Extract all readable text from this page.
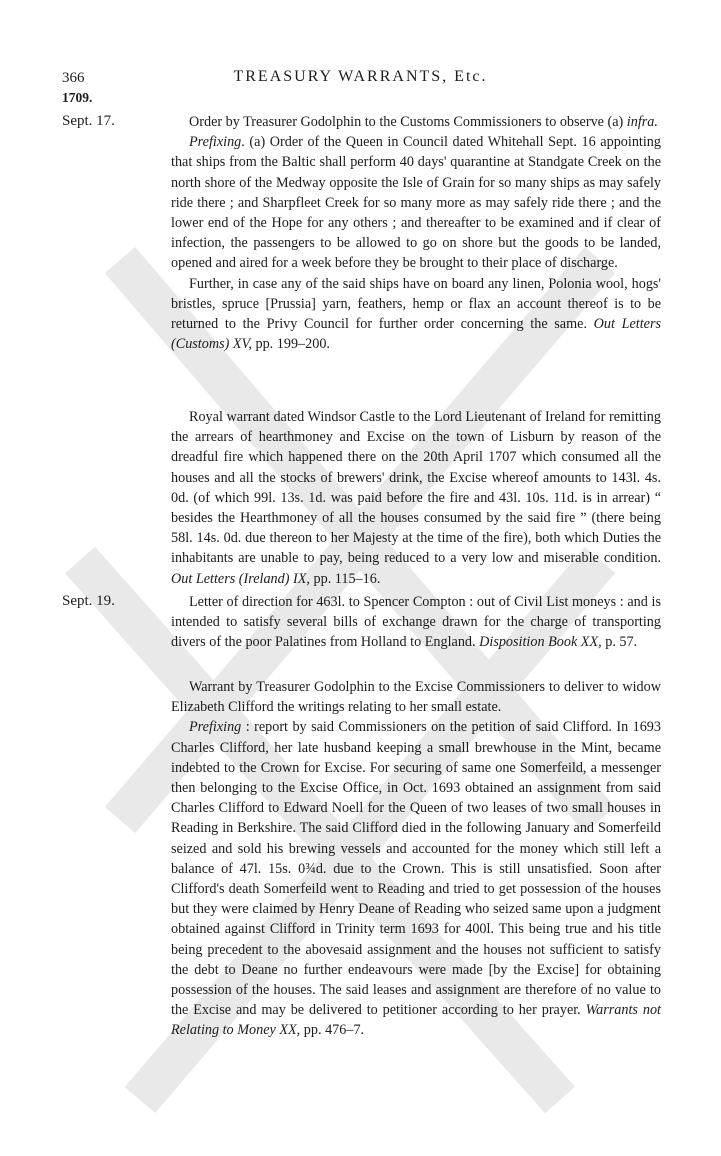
366	TREASURY WARRANTS, Etc.
1709.
Sept. 17.	Order by Treasurer Godolphin to the Customs Commissioners to observe (a) infra.

Prefixing. (a) Order of the Queen in Council dated Whitehall Sept. 16 appointing that ships from the Baltic shall perform 40 days' quarantine at Standgate Creek on the north shore of the Medway opposite the Isle of Grain for so many ships as may safely ride there ; and Sharpfleet Creek for so many more as may safely ride there ; and the lower end of the Hope for any others ; and thereafter to be examined and if clear of infection, the passengers to be allowed to go on shore but the goods to be landed, opened and aired for a week before they be brought to their place of discharge.

Further, in case any of the said ships have on board any linen, Polonia wool, hogs' bristles, spruce [Prussia] yarn, feathers, hemp or flax an account thereof is to be returned to the Privy Council for further order concerning the same. Out Letters (Customs) XV, pp. 199–200.

Royal warrant dated Windsor Castle to the Lord Lieutenant of Ireland for remitting the arrears of hearthmoney and Excise on the town of Lisburn by reason of the dreadful fire which happened there on the 20th April 1707 which consumed all the houses and all the stocks of brewers' drink, the Excise whereof amounts to 143l. 4s. 0d. (of which 99l. 13s. 1d. was paid before the fire and 43l. 10s. 11d. is in arrear) “ besides the Hearthmoney of all the houses consumed by the said fire ” (there being 58l. 14s. 0d. due thereon to her Majesty at the time of the fire), both which Duties the inhabitants are unable to pay, being reduced to a very low and miserable condition. Out Letters (Ireland) IX, pp. 115–16.

Sept. 19.	Letter of direction for 463l. to Spencer Compton : out of Civil List moneys : and is intended to satisfy several bills of exchange drawn for the charge of transporting divers of the poor Palatines from Holland to England. Disposition Book XX, p. 57.

Warrant by Treasurer Godolphin to the Excise Commissioners to deliver to widow Elizabeth Clifford the writings relating to her small estate.

Prefixing : report by said Commissioners on the petition of said Clifford. In 1693 Charles Clifford, her late husband keeping a small brewhouse in the Mint, became indebted to the Crown for Excise. For securing of same one Somerfeild, a messenger then belonging to the Excise Office, in Oct. 1693 obtained an assignment from said Charles Clifford to Edward Noell for the Queen of two leases of two small houses in Reading in Berkshire. The said Clifford died in the following January and Somerfeild seized and sold his brewing vessels and accounted for the money which still left a balance of 47l. 15s. 0¾d. due to the Crown. This is still unsatisfied. Soon after Clifford's death Somerfeild went to Reading and tried to get possession of the houses but they were claimed by Henry Deane of Reading who seized same upon a judgment obtained against Clifford in Trinity term 1693 for 400l. This being true and his title being precedent to the abovesaid assignment and the houses not sufficient to satisfy the debt to Deane no further endeavours were made [by the Excise] for obtaining possession of the houses. The said leases and assignment are therefore of no value to the Excise and may be delivered to petitioner according to her prayer. Warrants not Relating to Money XX, pp. 476–7.
